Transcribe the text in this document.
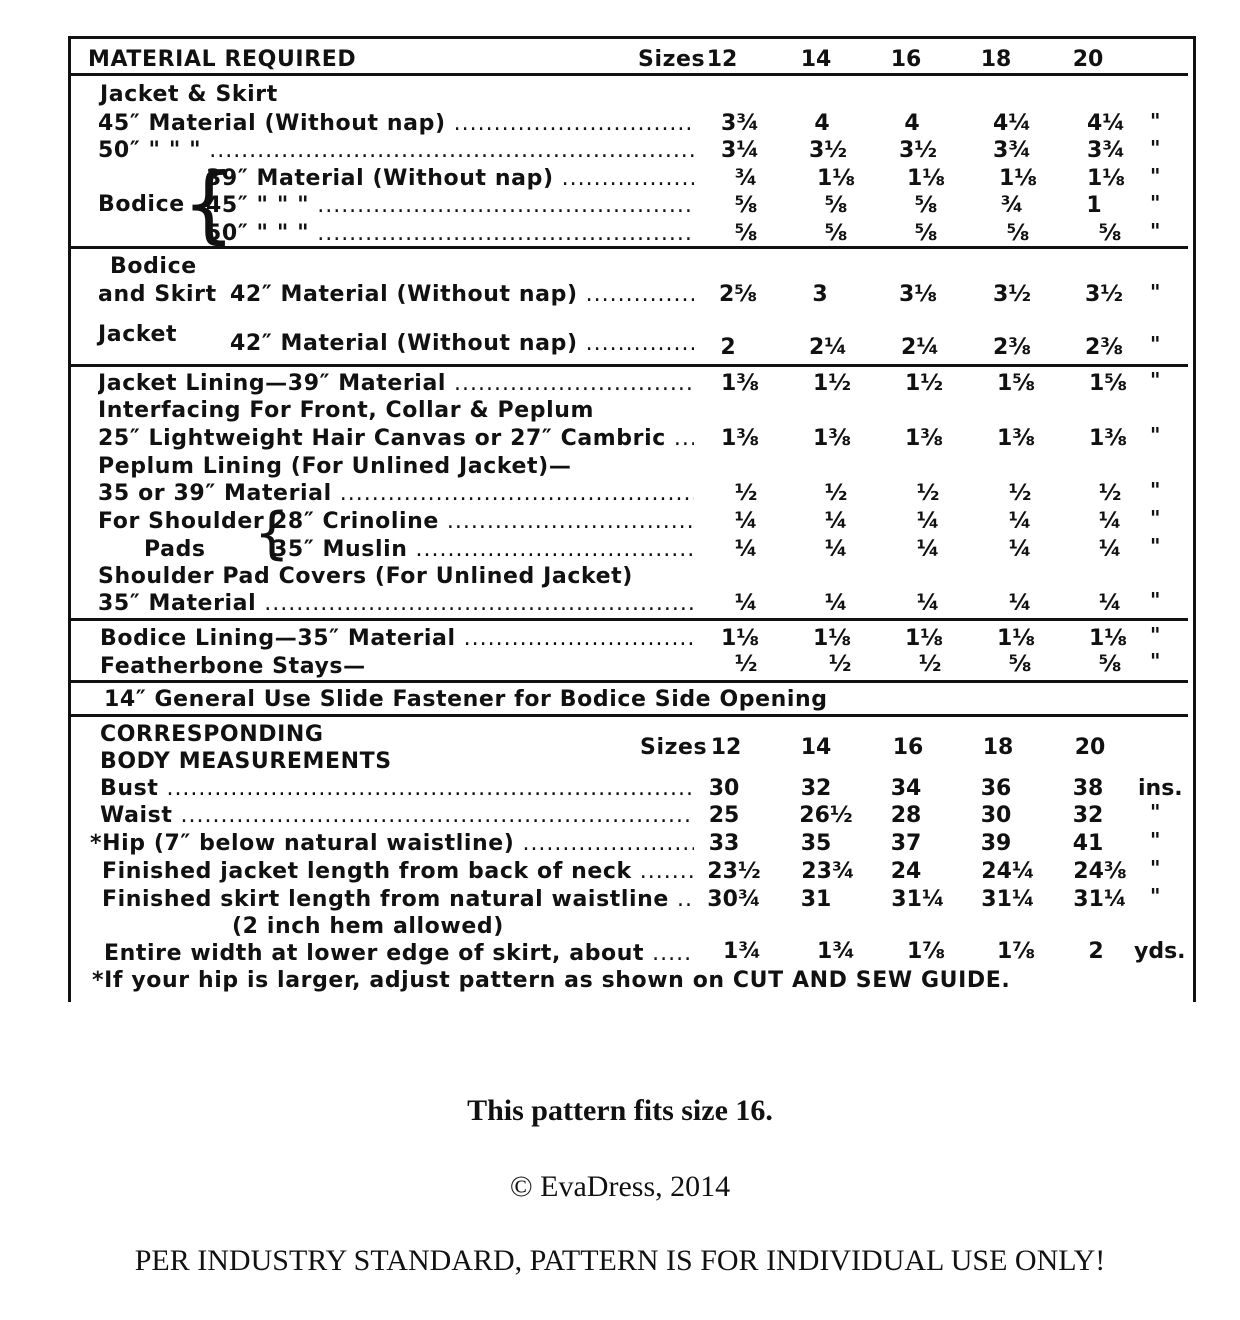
MATERIAL REQUIRED	Sizes 12	14	16	18	20
Jacket & Skirt
45″ Material (Without nap) .....	3¾	4	4	4¼	4¼	"
50″ " " " .....	3¼	3½	3½	3¾	3¾	"
Bodice
{
39″ Material (Without nap) .....	¾	1⅛	1⅛	1⅛	1⅛	"
45″ " " " .....	⅝	⅝	⅝	¾	1	"
50″ " " " .....	⅝	⅝	⅝	⅝	⅝	"
Bodice
and Skirt 42″ Material (Without nap) .....	2⅝	3	3⅛	3½	3½	"
Jacket 42″ Material (Without nap) .....	2	2¼	2¼	2⅜	2⅜	"
Jacket Lining—39″ Material .....	1⅜	1½	1½	1⅝	1⅝	"
Interfacing For Front, Collar & Peplum
25″ Lightweight Hair Canvas or 27″ Cambric .....	1⅜	1⅜	1⅜	1⅜	1⅜	"
Peplum Lining (For Unlined Jacket)—
35 or 39″ Material .....	½	½	½	½	½	"
For Shoulder
Pads {
28″ Crinoline .....	¼	¼	¼	¼	¼	"
35″ Muslin .....	¼	¼	¼	¼	¼	"
Shoulder Pad Covers (For Unlined Jacket)
35″ Material .....	¼	¼	¼	¼	¼	"
Bodice Lining—35″ Material .....	1⅛	1⅛	1⅛	1⅛	1⅛	"
Featherbone Stays—	½	½	½	⅝	⅝	"
14″ General Use Slide Fastener for Bodice Side Opening
CORRESPONDING
BODY MEASUREMENTS
Sizes 12	14	16	18	20
Bust .....	30	32	34	36	38	ins.
Waist .....	25	26½	28	30	32	"
*Hip (7″ below natural waistline) .....	33	35	37	39	41	"
Finished jacket length from back of neck .....	23½ 23¾	24	24¼ 24⅜ "
Finished skirt length from natural waistline .....	30¾	31	31¼ 31¼ 31¼ "
(2 inch hem allowed)
Entire width at lower edge of skirt, about .....	1¾	1¾	1⅞	1⅞	2	yds.
*If your hip is larger, adjust pattern as shown on CUT AND SEW GUIDE.
This pattern fits size 16.
© EvaDress, 2014
PER INDUSTRY STANDARD, PATTERN IS FOR INDIVIDUAL USE ONLY!
